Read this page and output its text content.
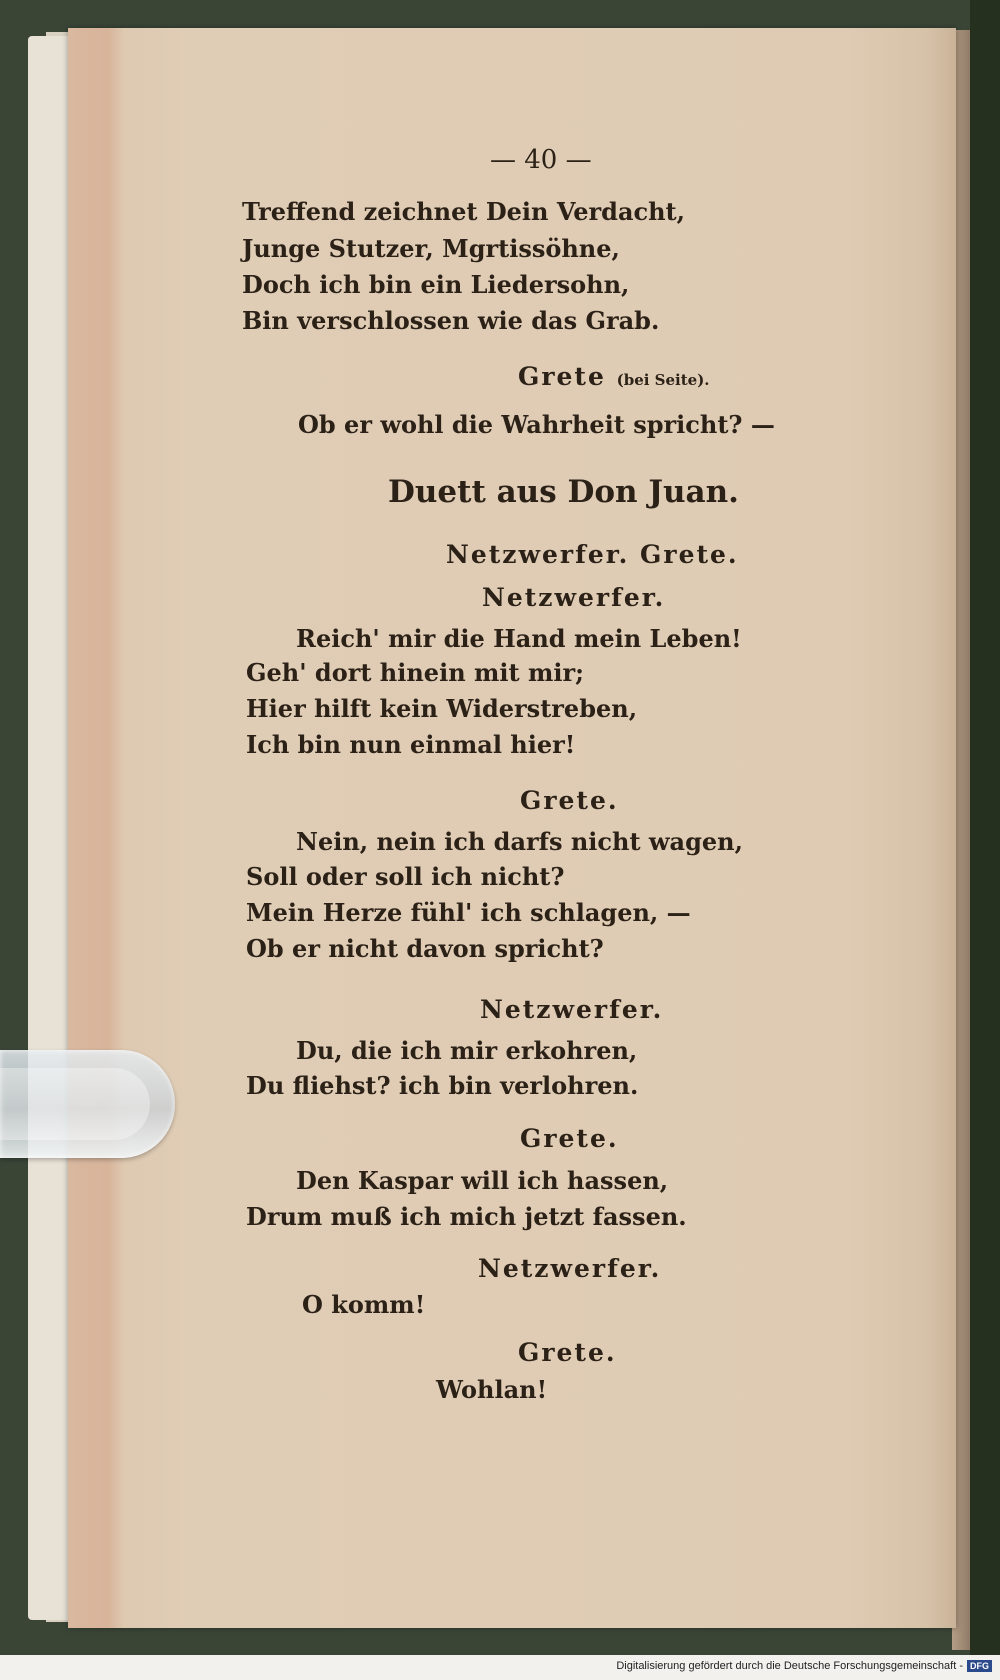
— 40 —
Treffend zeichnet Dein Verdacht,
Junge Stutzer, Mgrtissöhne,
Doch ich bin ein Liedersohn,
Bin verschlossen wie das Grab.
Grete (bei Seite).
Ob er wohl die Wahrheit spricht? —
Duett aus Don Juan.
Netzwerfer. Grete.
Netzwerfer.
Reich' mir die Hand mein Leben!
Geh' dort hinein mit mir;
Hier hilft kein Widerstreben,
Ich bin nun einmal hier!
Grete.
Nein, nein ich darfs nicht wagen,
Soll oder soll ich nicht?
Mein Herze fühl' ich schlagen, —
Ob er nicht davon spricht?
Netzwerfer.
Du, die ich mir erkohren,
Du fliehst? ich bin verlohren.
Grete.
Den Kaspar will ich hassen,
Drum muß ich mich jetzt fassen.
Netzwerfer.
O komm!
Grete.
Wohlan!
Digitalisierung gefördert durch die Deutsche Forschungsgemeinschaft - DFG
